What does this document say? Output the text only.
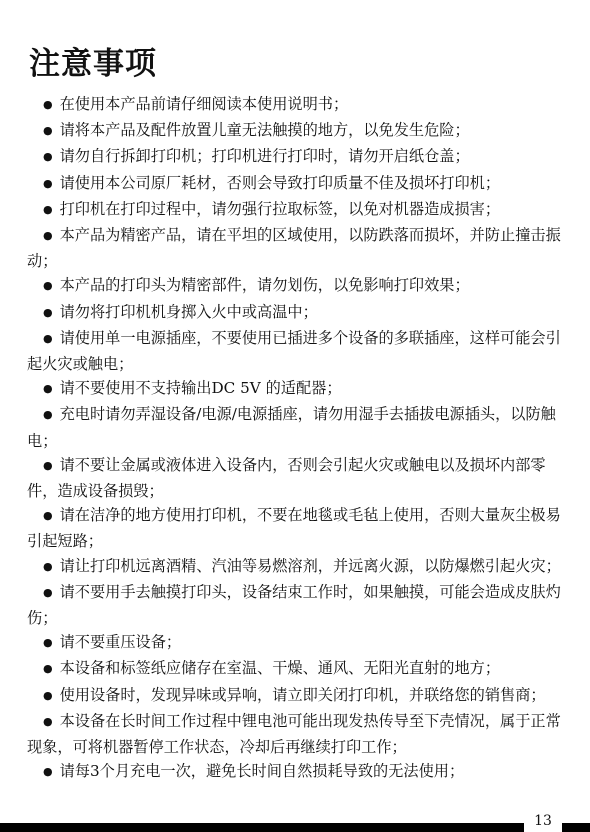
注意事项
● 在使用本产品前请仔细阅读本使用说明书；
● 请将本产品及配件放置儿童无法触摸的地方，以免发生危险；
● 请勿自行拆卸打印机；打印机进行打印时，请勿开启纸仓盖；
● 请使用本公司原厂耗材，否则会导致打印质量不佳及损坏打印机；
● 打印机在打印过程中，请勿强行拉取标签，以免对机器造成损害；
● 本产品为精密产品，请在平坦的区域使用，以防跌落而损坏，并防止撞击振动；
● 本产品的打印头为精密部件，请勿划伤，以免影响打印效果；
● 请勿将打印机机身掷入火中或高温中；
● 请使用单一电源插座，不要使用已插进多个设备的多联插座，这样可能会引起火灾或触电；
● 请不要使用不支持输出DC 5V 的适配器；
● 充电时请勿弄湿设备/电源/电源插座，请勿用湿手去插拔电源插头，以防触电；
● 请不要让金属或液体进入设备内，否则会引起火灾或触电以及损坏内部零件，造成设备损毁；
● 请在洁净的地方使用打印机，不要在地毯或毛毡上使用，否则大量灰尘极易引起短路；
● 请让打印机远离酒精、汽油等易燃溶剂，并远离火源，以防爆燃引起火灾；
● 请不要用手去触摸打印头，设备结束工作时，如果触摸，可能会造成皮肤灼伤；
● 请不要重压设备；
● 本设备和标签纸应储存在室温、干燥、通风、无阳光直射的地方；
● 使用设备时，发现异味或异响，请立即关闭打印机，并联络您的销售商；
● 本设备在长时间工作过程中锂电池可能出现发热传导至下壳情况，属于正常现象，可将机器暂停工作状态，冷却后再继续打印工作；
● 请每3个月充电一次，避免长时间自然损耗导致的无法使用；
13
